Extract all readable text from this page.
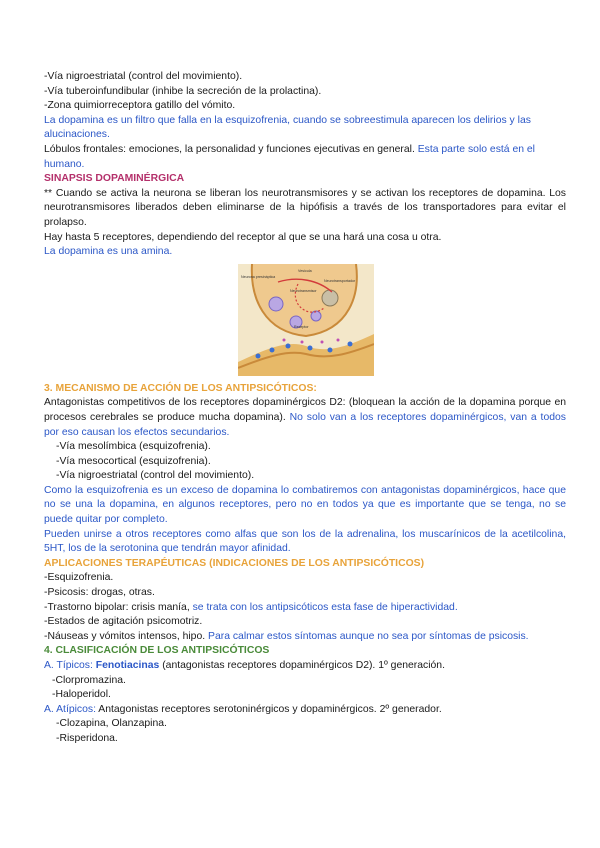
-Vía nigroestriatal (control del movimiento).

-Vía tuberoinfundibular (inhibe la secreción de la prolactina).

-Zona quimiorreceptora gatillo del vómito.

La dopamina es un filtro que falla en la esquizofrenia, cuando se sobreestimula aparecen los delirios y las alucinaciones.

Lóbulos frontales: emociones, la personalidad y funciones ejecutivas en general. Esta parte solo está en el humano.

SINAPSIS DOPAMINÉRGICA

** Cuando se activa la neurona se liberan los neurotransmisores y se activan los receptores de dopamina. Los neurotransmisores liberados deben eliminarse de la hipófisis a través de los transportadores para evitar el prolapso.

Hay hasta 5 receptores, dependiendo del receptor al que se una hará una cosa u otra.

La dopamina es una amina.

Neurona presináptica
Vesícula
Neurotransmisor
Neurotransportador
Receptor

3. MECANISMO DE ACCIÓN DE LOS ANTIPSICÓTICOS:

Antagonistas competitivos de los receptores dopaminérgicos D2: (bloquean la acción de la dopamina porque en procesos cerebrales se produce mucha dopamina). No solo van a los receptores dopaminérgicos, van a todos por eso causan los efectos secundarios.

-Vía mesolímbica (esquizofrenia).

-Vía mesocortical (esquizofrenia).

-Vía nigroestriatal (control del movimiento).

Como la esquizofrenia es un exceso de dopamina lo combatiremos con antagonistas dopaminérgicos, hace que no se una la dopamina, en algunos receptores, pero no en todos ya que es importante que se tenga, no se puede quitar por completo.

Pueden unirse a otros receptores como alfas que son los de la adrenalina, los muscarínicos de la acetilcolina, 5HT, los de la serotonina que tendrán mayor afinidad.

APLICACIONES TERAPÉUTICAS (INDICACIONES DE LOS ANTIPSICÓTICOS)

-Esquizofrenia.

-Psicosis: drogas, otras.

-Trastorno bipolar: crisis manía, se trata con los antipsicóticos esta fase de hiperactividad.

-Estados de agitación psicomotriz.

-Náuseas y vómitos intensos, hipo. Para calmar estos síntomas aunque no sea por síntomas de psicosis.

4. CLASIFICACIÓN DE LOS ANTIPSICÓTICOS

A. Típicos: Fenotiacinas (antagonistas receptores dopaminérgicos D2). 1º generación.

-Clorpromazina.

-Haloperidol.

A. Atípicos: Antagonistas receptores serotoninérgicos y dopaminérgicos. 2º generador.

-Clozapina, Olanzapina.

-Risperidona.
